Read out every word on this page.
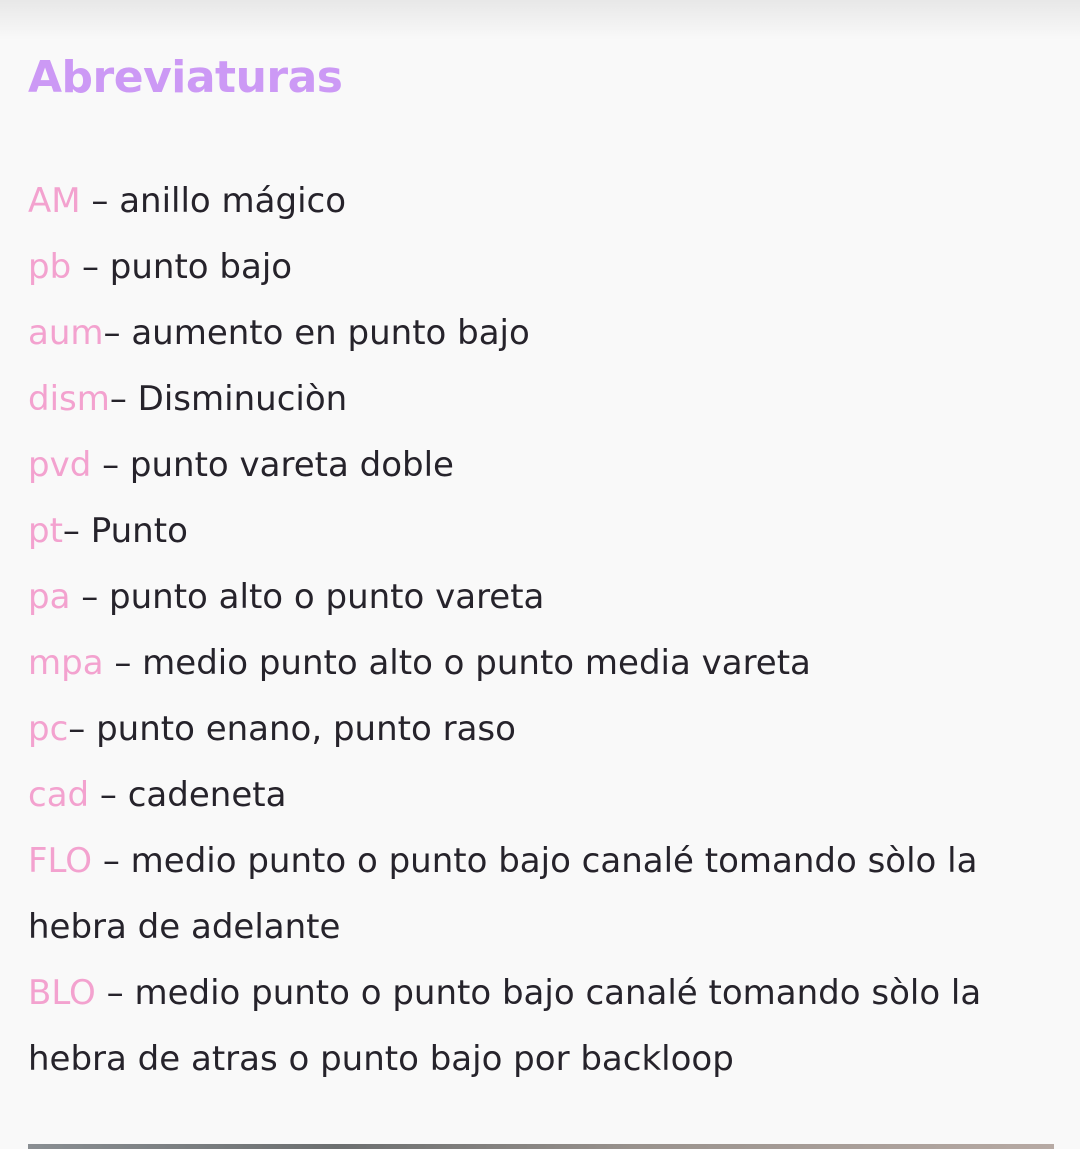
Abreviaturas
AM – anillo mágico
pb – punto bajo
aum– aumento en punto bajo
dism– Disminuciòn
pvd – punto vareta doble
pt– Punto
pa – punto alto o punto vareta
mpa – medio punto alto o punto media vareta
pc– punto enano, punto raso
cad – cadeneta
FLO – medio punto o punto bajo canalé tomando sòlo la hebra de adelante
BLO – medio punto o punto bajo canalé tomando sòlo la hebra de atras o punto bajo por backloop
